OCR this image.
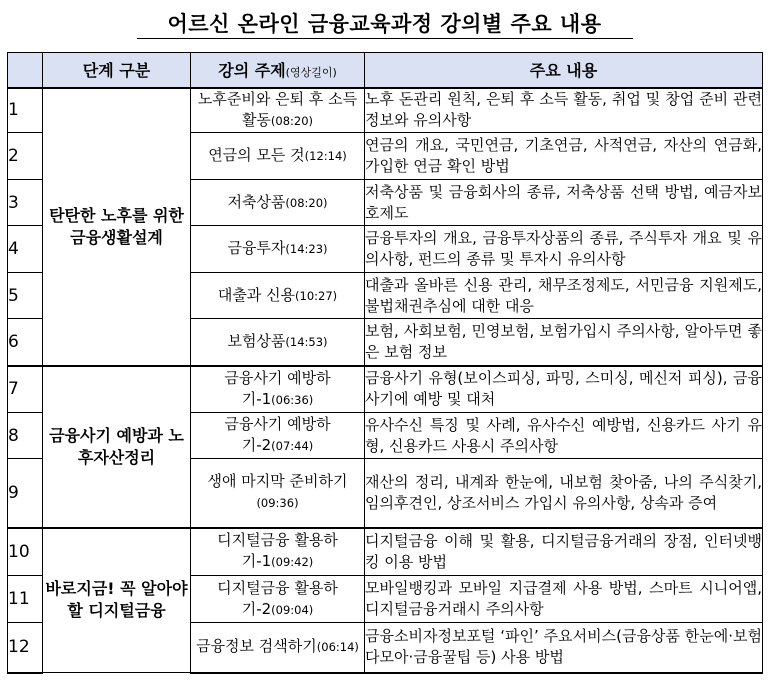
어르신 온라인 금융교육과정 강의별 주요 내용
	단계 구분	강의 주제(영상길이)	주요 내용
1	탄탄한 노후를 위한 금융생활설계	노후준비와 은퇴 후 소득활동(08:20)	노후 돈관리 원칙, 은퇴 후 소득 활동, 취업 및 창업 준비 관련 정보와 유의사항
2		연금의 모든 것(12:14)	연금의 개요, 국민연금, 기초연금, 사적연금, 자산의 연금화, 가입한 연금 확인 방법
3		저축상품(08:20)	저축상품 및 금융회사의 종류, 저축상품 선택 방법, 예금자보호제도
4		금융투자(14:23)	금융투자의 개요, 금융투자상품의 종류, 주식투자 개요 및 유의사항, 펀드의 종류 및 투자시 유의사항
5		대출과 신용(10:27)	대출과 올바른 신용 관리, 채무조정제도, 서민금융 지원제도, 불법채권추심에 대한 대응
6		보험상품(14:53)	보험, 사회보험, 민영보험, 보험가입시 주의사항, 알아두면 좋은 보험 정보
7	금융사기 예방과 노후자산정리	금융사기 예방하기-1(06:36)	금융사기 유형(보이스피싱, 파밍, 스미싱, 메신저 피싱), 금융사기에 예방 및 대처
8		금융사기 예방하기-2(07:44)	유사수신 특징 및 사례, 유사수신 예방법, 신용카드 사기 유형, 신용카드 사용시 주의사항
9		생애 마지막 준비하기(09:36)	재산의 정리, 내계좌 한눈에, 내보험 찾아줌, 나의 주식찾기, 임의후견인, 상조서비스 가입시 유의사항, 상속과 증여
10	바로지금! 꼭 알아야 할 디지털금융	디지털금융 활용하기-1(09:42)	디지털금융 이해 및 활용, 디지털금융거래의 장점, 인터넷뱅킹 이용 방법
11		디지털금융 활용하기-2(09:04)	모바일뱅킹과 모바일 지급결제 사용 방법, 스마트 시니어앱, 디지털금융거래시 주의사항
12		금융정보 검색하기(06:14)	금융소비자정보포털 ‘파인’ 주요서비스(금융상품 한눈에·보험다모아·금융꿀팁 등) 사용 방법
